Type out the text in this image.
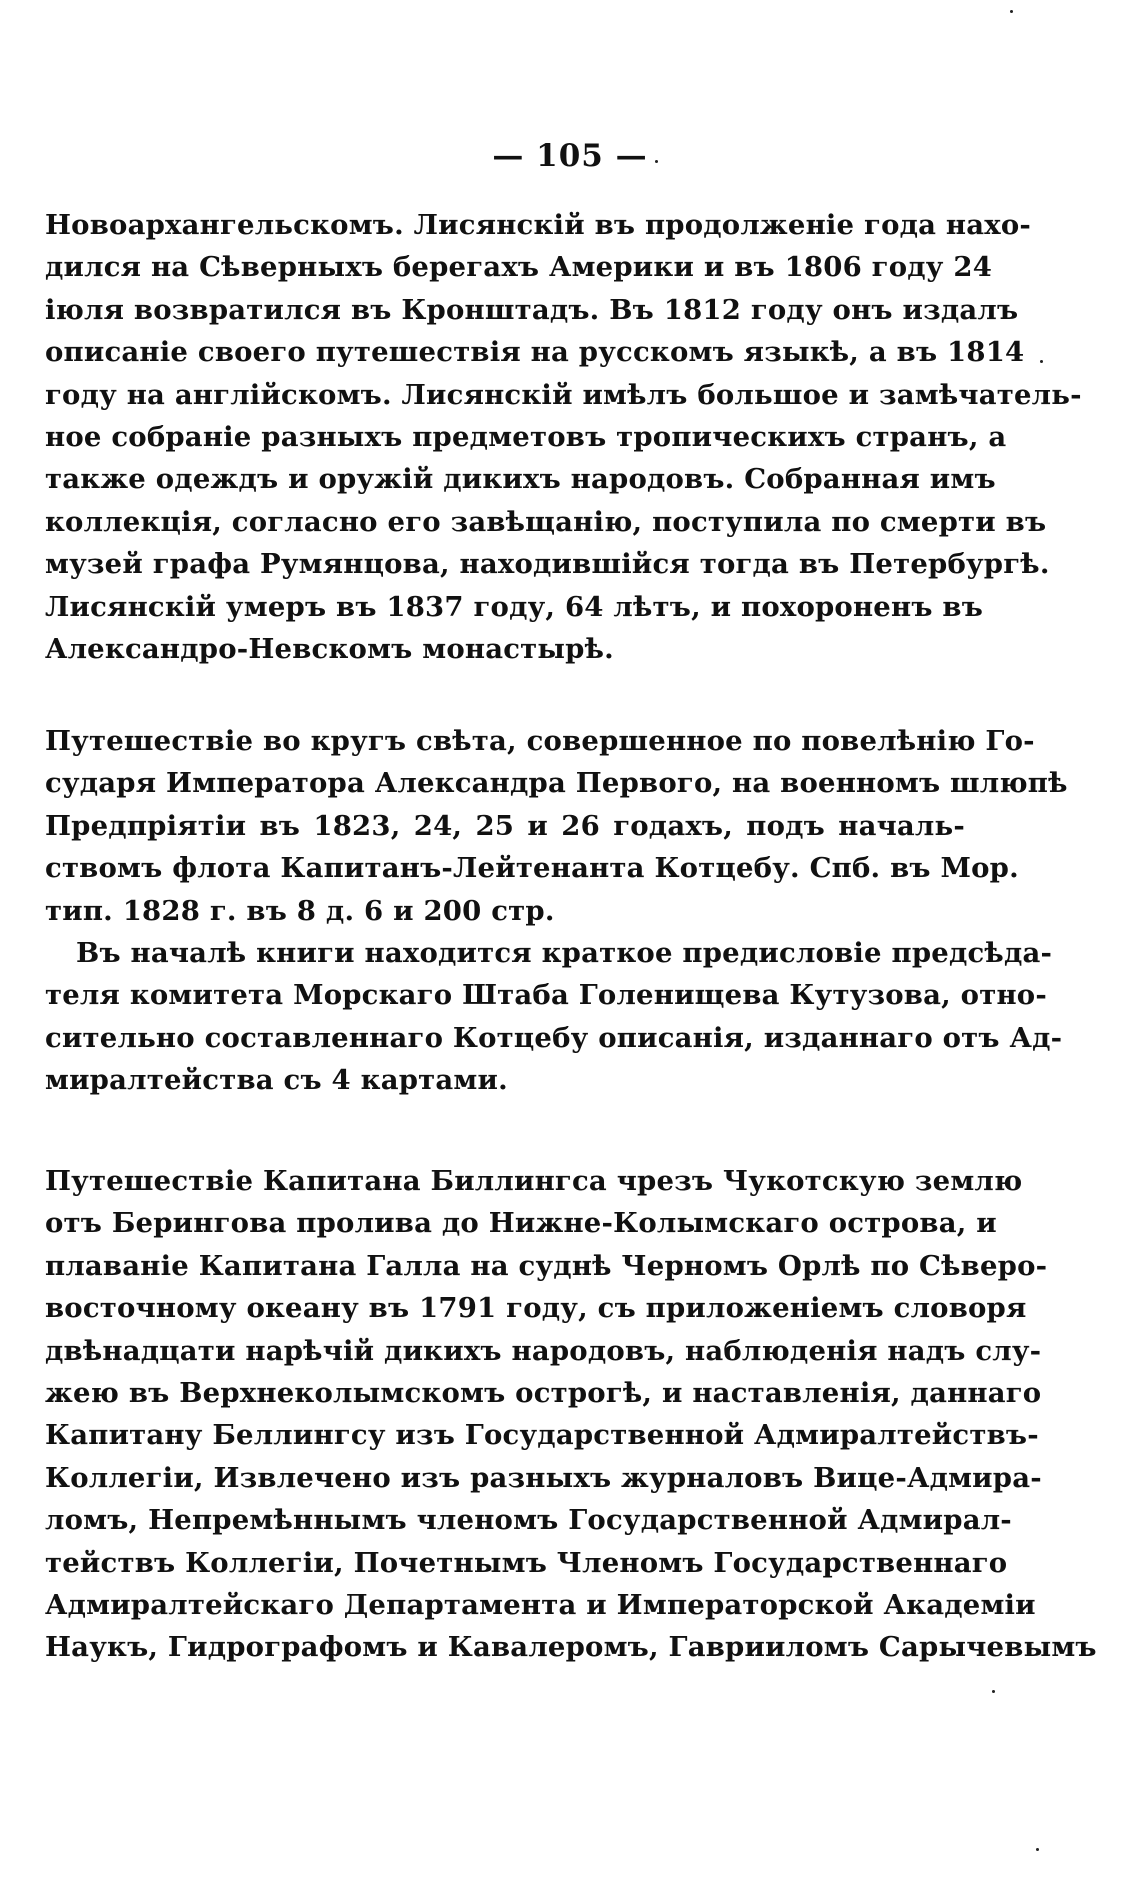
— 105 —
Новоархангельскомъ. Лисянскій въ продолженіе года нахо-
дился на Сѣверныхъ берегахъ Америки и въ 1806 году 24
іюля возвратился въ Кронштадъ. Въ 1812 году онъ издалъ
описаніе своего путешествія на русскомъ языкѣ, а въ 1814
году на англійскомъ. Лисянскій имѣлъ большое и замѣчатель-
ное собраніе разныхъ предметовъ тропическихъ странъ, а
также одеждъ и оружій дикихъ народовъ. Собранная имъ
коллекція, согласно его завѣщанію, поступила по смерти въ
музей графа Румянцова, находившійся тогда въ Петербургѣ.
Лисянскій умеръ въ 1837 году, 64 лѣтъ, и похороненъ въ
Александро-Невскомъ монастырѣ.
Путешествіе во кругъ свѣта, совершенное по повелѣнію Го-
сударя Императора Александра Первого, на военномъ шлюпѣ
Предпріятіи въ 1823, 24, 25 и 26 годахъ, подъ началь-
ствомъ флота Капитанъ-Лейтенанта Котцебу. Спб. въ Мор.
тип. 1828 г. въ 8 д. 6 и 200 стр.
Въ началѣ книги находится краткое предисловіе предсѣда-
теля комитета Морскаго Штаба Голенищева Кутузова, отно-
сительно составленнаго Котцебу описанія, изданнаго отъ Ад-
миралтейства съ 4 картами.
Путешествіе Капитана Биллингса чрезъ Чукотскую землю
отъ Берингова пролива до Нижне-Колымскаго острова, и
плаваніе Капитана Галла на суднѣ Черномъ Орлѣ по Сѣверо-
восточному океану въ 1791 году, съ приложеніемъ словоря
двѣнадцати нарѣчій дикихъ народовъ, наблюденія надъ слу-
жею въ Верхнеколымскомъ острогѣ, и наставленія, даннаго
Капитану Беллингсу изъ Государственной Адмиралтействъ-
Коллегіи, Извлечено изъ разныхъ журналовъ Вице-Адмира-
ломъ, Непремѣннымъ членомъ Государственной Адмирал-
тействъ Коллегіи, Почетнымъ Членомъ Государственнаго
Адмиралтейскаго Департамента и Императорской Академіи
Наукъ, Гидрографомъ и Кавалеромъ, Гаврииломъ Сарычевымъ
